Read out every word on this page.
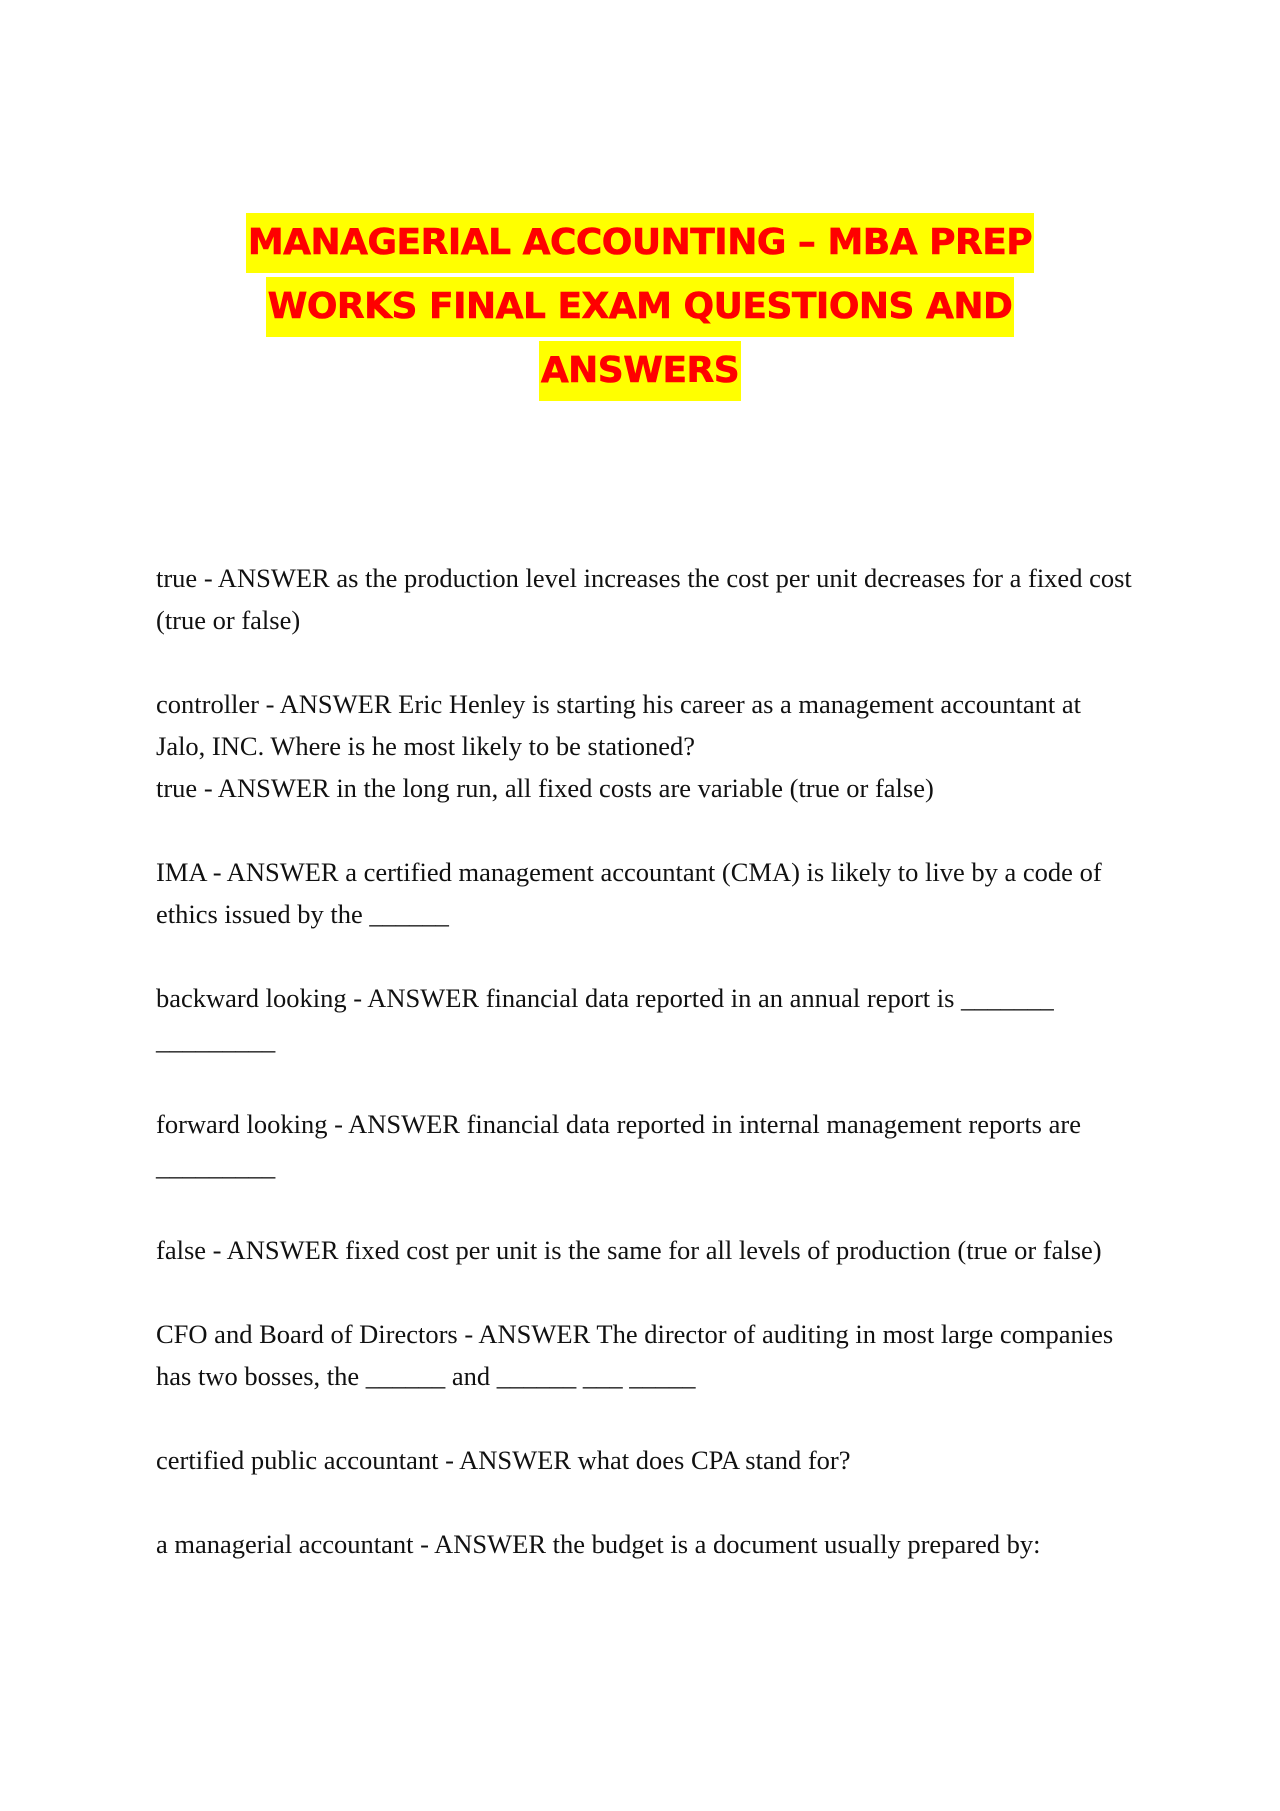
MANAGERIAL ACCOUNTING – MBA PREP
WORKS FINAL EXAM QUESTIONS AND
ANSWERS

true - ANSWER as the production level increases the cost per unit decreases for a fixed cost (true or false)

controller - ANSWER Eric Henley is starting his career as a management accountant at Jalo, INC. Where is he most likely to be stationed?

true - ANSWER in the long run, all fixed costs are variable (true or false)

IMA - ANSWER a certified management accountant (CMA) is likely to live by a code of ethics issued by the ______

backward looking - ANSWER financial data reported in an annual report is _______ _________

forward looking - ANSWER financial data reported in internal management reports are _________

false - ANSWER fixed cost per unit is the same for all levels of production (true or false)

CFO and Board of Directors - ANSWER The director of auditing in most large companies has two bosses, the ______ and ______ ___ _____

certified public accountant - ANSWER what does CPA stand for?

a managerial accountant - ANSWER the budget is a document usually prepared by:
